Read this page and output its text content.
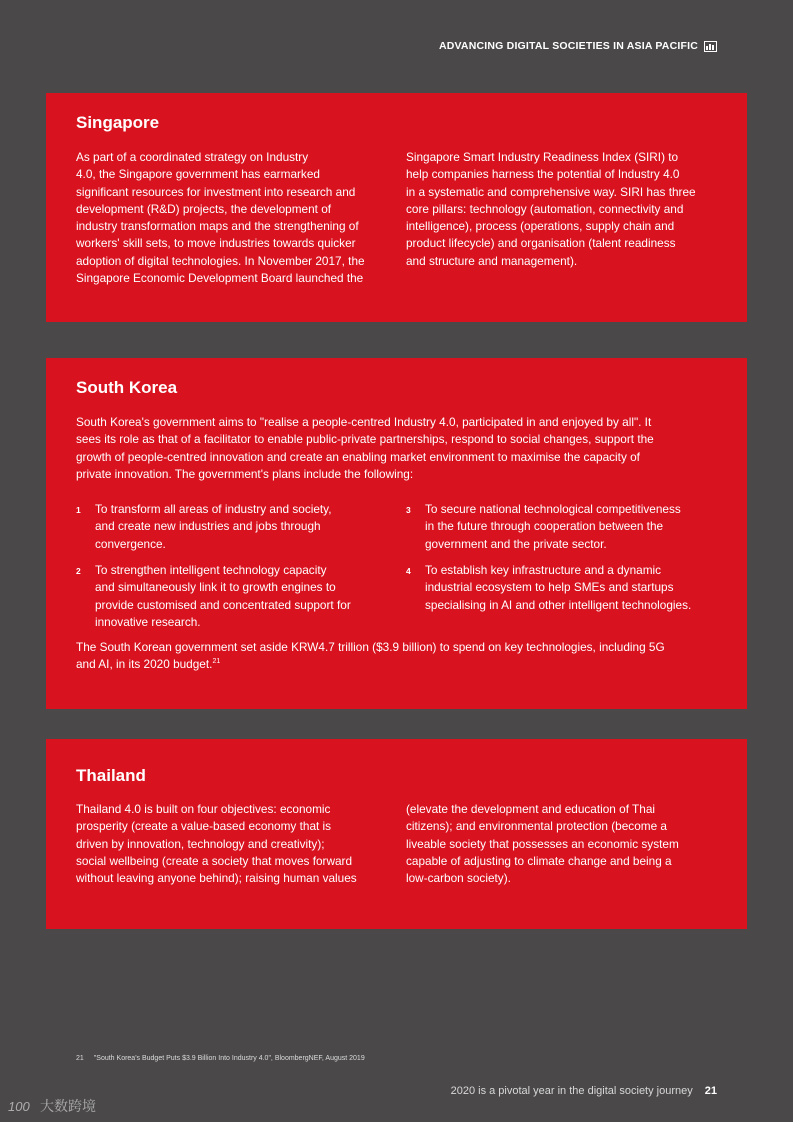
ADVANCING DIGITAL SOCIETIES IN ASIA PACIFIC
Singapore
As part of a coordinated strategy on Industry
4.0, the Singapore government has earmarked
significant resources for investment into research and
development (R&D) projects, the development of
industry transformation maps and the strengthening of
workers' skill sets, to move industries towards quicker
adoption of digital technologies. In November 2017, the
Singapore Economic Development Board launched the
Singapore Smart Industry Readiness Index (SIRI) to
help companies harness the potential of Industry 4.0
in a systematic and comprehensive way. SIRI has three
core pillars: technology (automation, connectivity and
intelligence), process (operations, supply chain and
product lifecycle) and organisation (talent readiness
and structure and management).
South Korea
South Korea's government aims to "realise a people-centred Industry 4.0, participated in and enjoyed by all". It
sees its role as that of a facilitator to enable public-private partnerships, respond to social changes, support the
growth of people-centred innovation and create an enabling market environment to maximise the capacity of
private innovation. The government's plans include the following:
1 To transform all areas of industry and society,
and create new industries and jobs through
convergence.
2 To strengthen intelligent technology capacity
and simultaneously link it to growth engines to
provide customised and concentrated support for
innovative research.
3 To secure national technological competitiveness
in the future through cooperation between the
government and the private sector.
4 To establish key infrastructure and a dynamic
industrial ecosystem to help SMEs and startups
specialising in AI and other intelligent technologies.
The South Korean government set aside KRW4.7 trillion ($3.9 billion) to spend on key technologies, including 5G
and AI, in its 2020 budget.$^{21}$
Thailand
Thailand 4.0 is built on four objectives: economic
prosperity (create a value-based economy that is
driven by innovation, technology and creativity);
social wellbeing (create a society that moves forward
without leaving anyone behind); raising human values
(elevate the development and education of Thai
citizens); and environmental protection (become a
liveable society that possesses an economic system
capable of adjusting to climate change and being a
low-carbon society).
21 "South Korea's Budget Puts $3.9 Billion Into Industry 4.0", BloombergNEF, August 2019
2020 is a pivotal year in the digital society journey 21
100 大数跨境
